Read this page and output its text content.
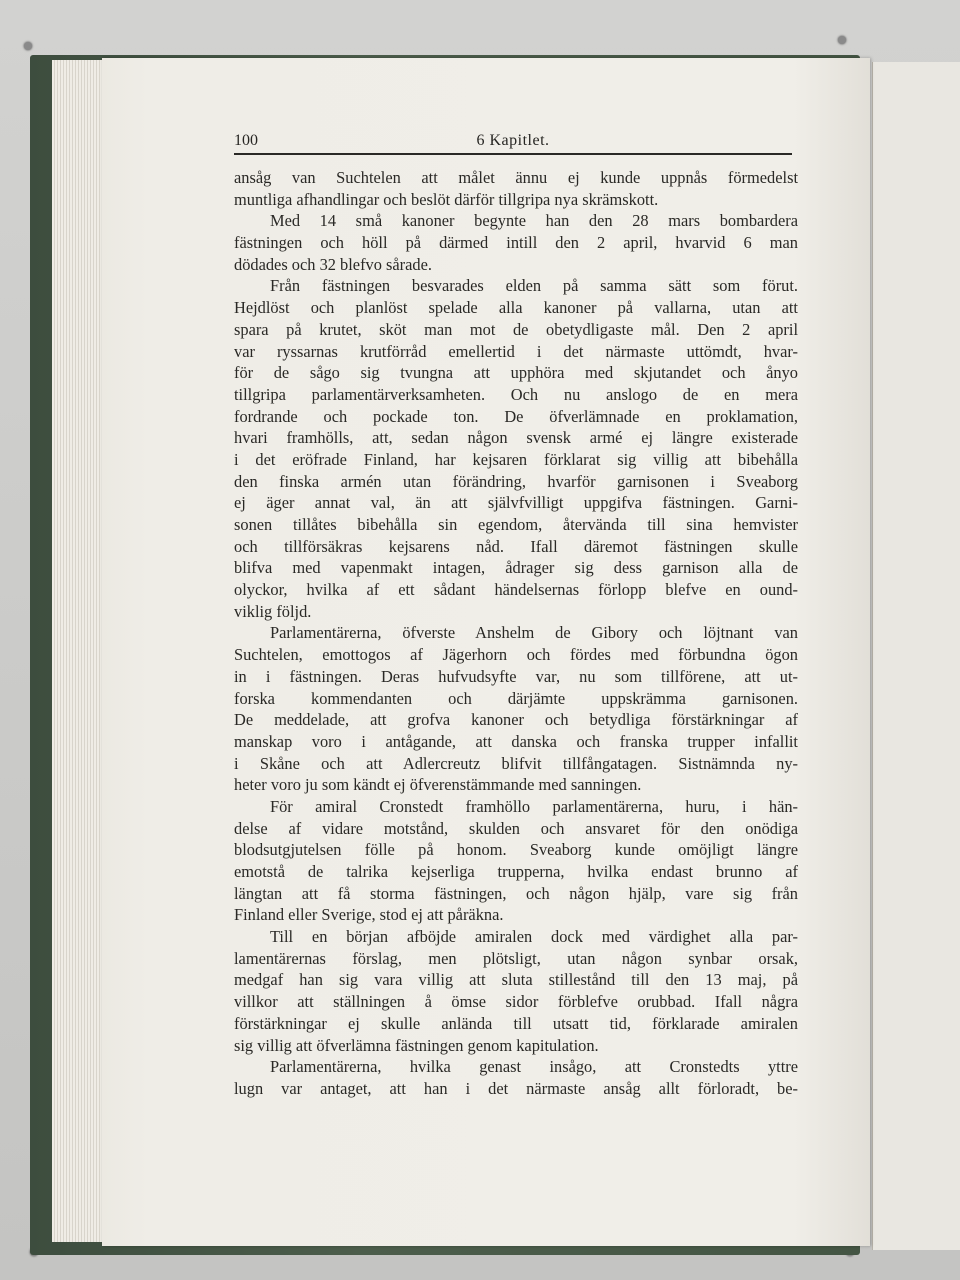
100	6 Kapitlet.
ansåg van Suchtelen att målet ännu ej kunde uppnås förmedelst
muntliga afhandlingar och beslöt därför tillgripa nya skrämskott.
Med 14 små kanoner begynte han den 28 mars bombardera
fästningen och höll på därmed intill den 2 april, hvarvid 6 man
dödades och 32 blefvo sårade.
Från fästningen besvarades elden på samma sätt som förut.
Hejdlöst och planlöst spelade alla kanoner på vallarna, utan att
spara på krutet, sköt man mot de obetydligaste mål. Den 2 april
var ryssarnas krutförråd emellertid i det närmaste uttömdt, hvar-
för de sågo sig tvungna att upphöra med skjutandet och ånyo
tillgripa parlamentärverksamheten. Och nu anslogo de en mera
fordrande och pockade ton. De öfverlämnade en proklamation,
hvari framhölls, att, sedan någon svensk armé ej längre existerade
i det eröfrade Finland, har kejsaren förklarat sig villig att bibehålla
den finska armén utan förändring, hvarför garnisonen i Sveaborg
ej äger annat val, än att självfvilligt uppgifva fästningen. Garni-
sonen tillåtes bibehålla sin egendom, återvända till sina hemvister
och tillförsäkras kejsarens nåd. Ifall däremot fästningen skulle
blifva med vapenmakt intagen, ådrager sig dess garnison alla de
olyckor, hvilka af ett sådant händelsernas förlopp blefve en ound-
viklig följd.
Parlamentärerna, öfverste Anshelm de Gibory och löjtnant van
Suchtelen, emottogos af Jägerhorn och fördes med förbundna ögon
in i fästningen. Deras hufvudsyfte var, nu som tillförene, att ut-
forska kommendanten och därjämte uppskrämma garnisonen.
De meddelade, att grofva kanoner och betydliga förstärkningar af
manskap voro i antågande, att danska och franska trupper infallit
i Skåne och att Adlercreutz blifvit tillfångatagen. Sistnämnda ny-
heter voro ju som kändt ej öfverenstämmande med sanningen.
För amiral Cronstedt framhöllo parlamentärerna, huru, i hän-
delse af vidare motstånd, skulden och ansvaret för den onödiga
blodsutgjutelsen fölle på honom. Sveaborg kunde omöjligt längre
emotstå de talrika kejserliga trupperna, hvilka endast brunno af
längtan att få storma fästningen, och någon hjälp, vare sig från
Finland eller Sverige, stod ej att påräkna.
Till en början afböjde amiralen dock med värdighet alla par-
lamentärernas förslag, men plötsligt, utan någon synbar orsak,
medgaf han sig vara villig att sluta stillestånd till den 13 maj, på
villkor att ställningen å ömse sidor förblefve orubbad. Ifall några
förstärkningar ej skulle anlända till utsatt tid, förklarade amiralen
sig villig att öfverlämna fästningen genom kapitulation.
Parlamentärerna, hvilka genast insågo, att Cronstedts yttre
lugn var antaget, att han i det närmaste ansåg allt förloradt, be-
